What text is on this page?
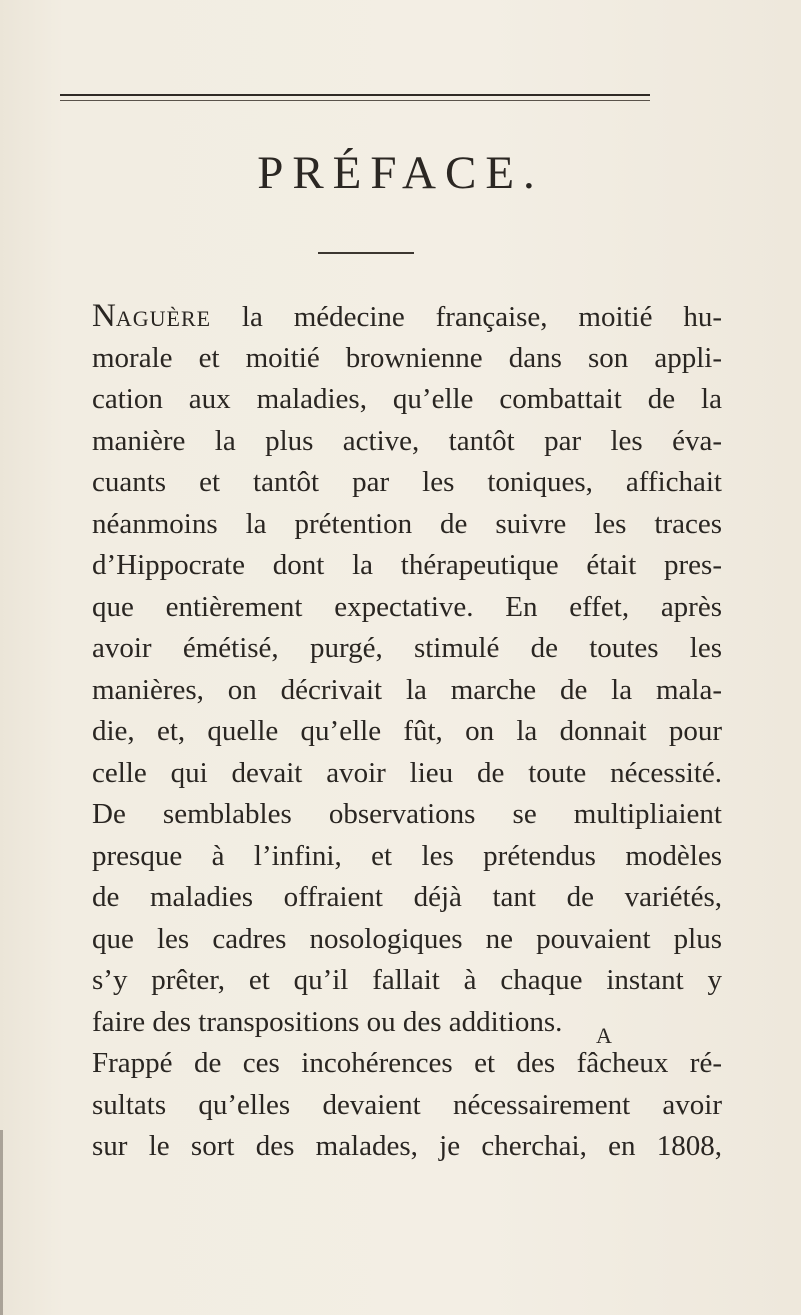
PRÉFACE.
NAGUÈRE la médecine française, moitié hu-
morale et moitié brownienne dans son appli-
cation aux maladies, qu’elle combattait de la
manière la plus active, tantôt par les éva-
cuants et tantôt par les toniques, affichait
néanmoins la prétention de suivre les traces
d’Hippocrate dont la thérapeutique était pres-
que entièrement expectative. En effet, après
avoir émétisé, purgé, stimulé de toutes les
manières, on décrivait la marche de la mala-
die, et, quelle qu’elle fût, on la donnait pour
celle qui devait avoir lieu de toute nécessité.
De semblables observations se multipliaient
presque à l’infini, et les prétendus modèles
de maladies offraient déjà tant de variétés,
que les cadres nosologiques ne pouvaient plus
s’y prêter, et qu’il fallait à chaque instant y
faire des transpositions ou des additions.
Frappé de ces incohérences et des fâcheux ré-
sultats qu’elles devaient nécessairement avoir
sur le sort des malades, je cherchai, en 1808,

A
